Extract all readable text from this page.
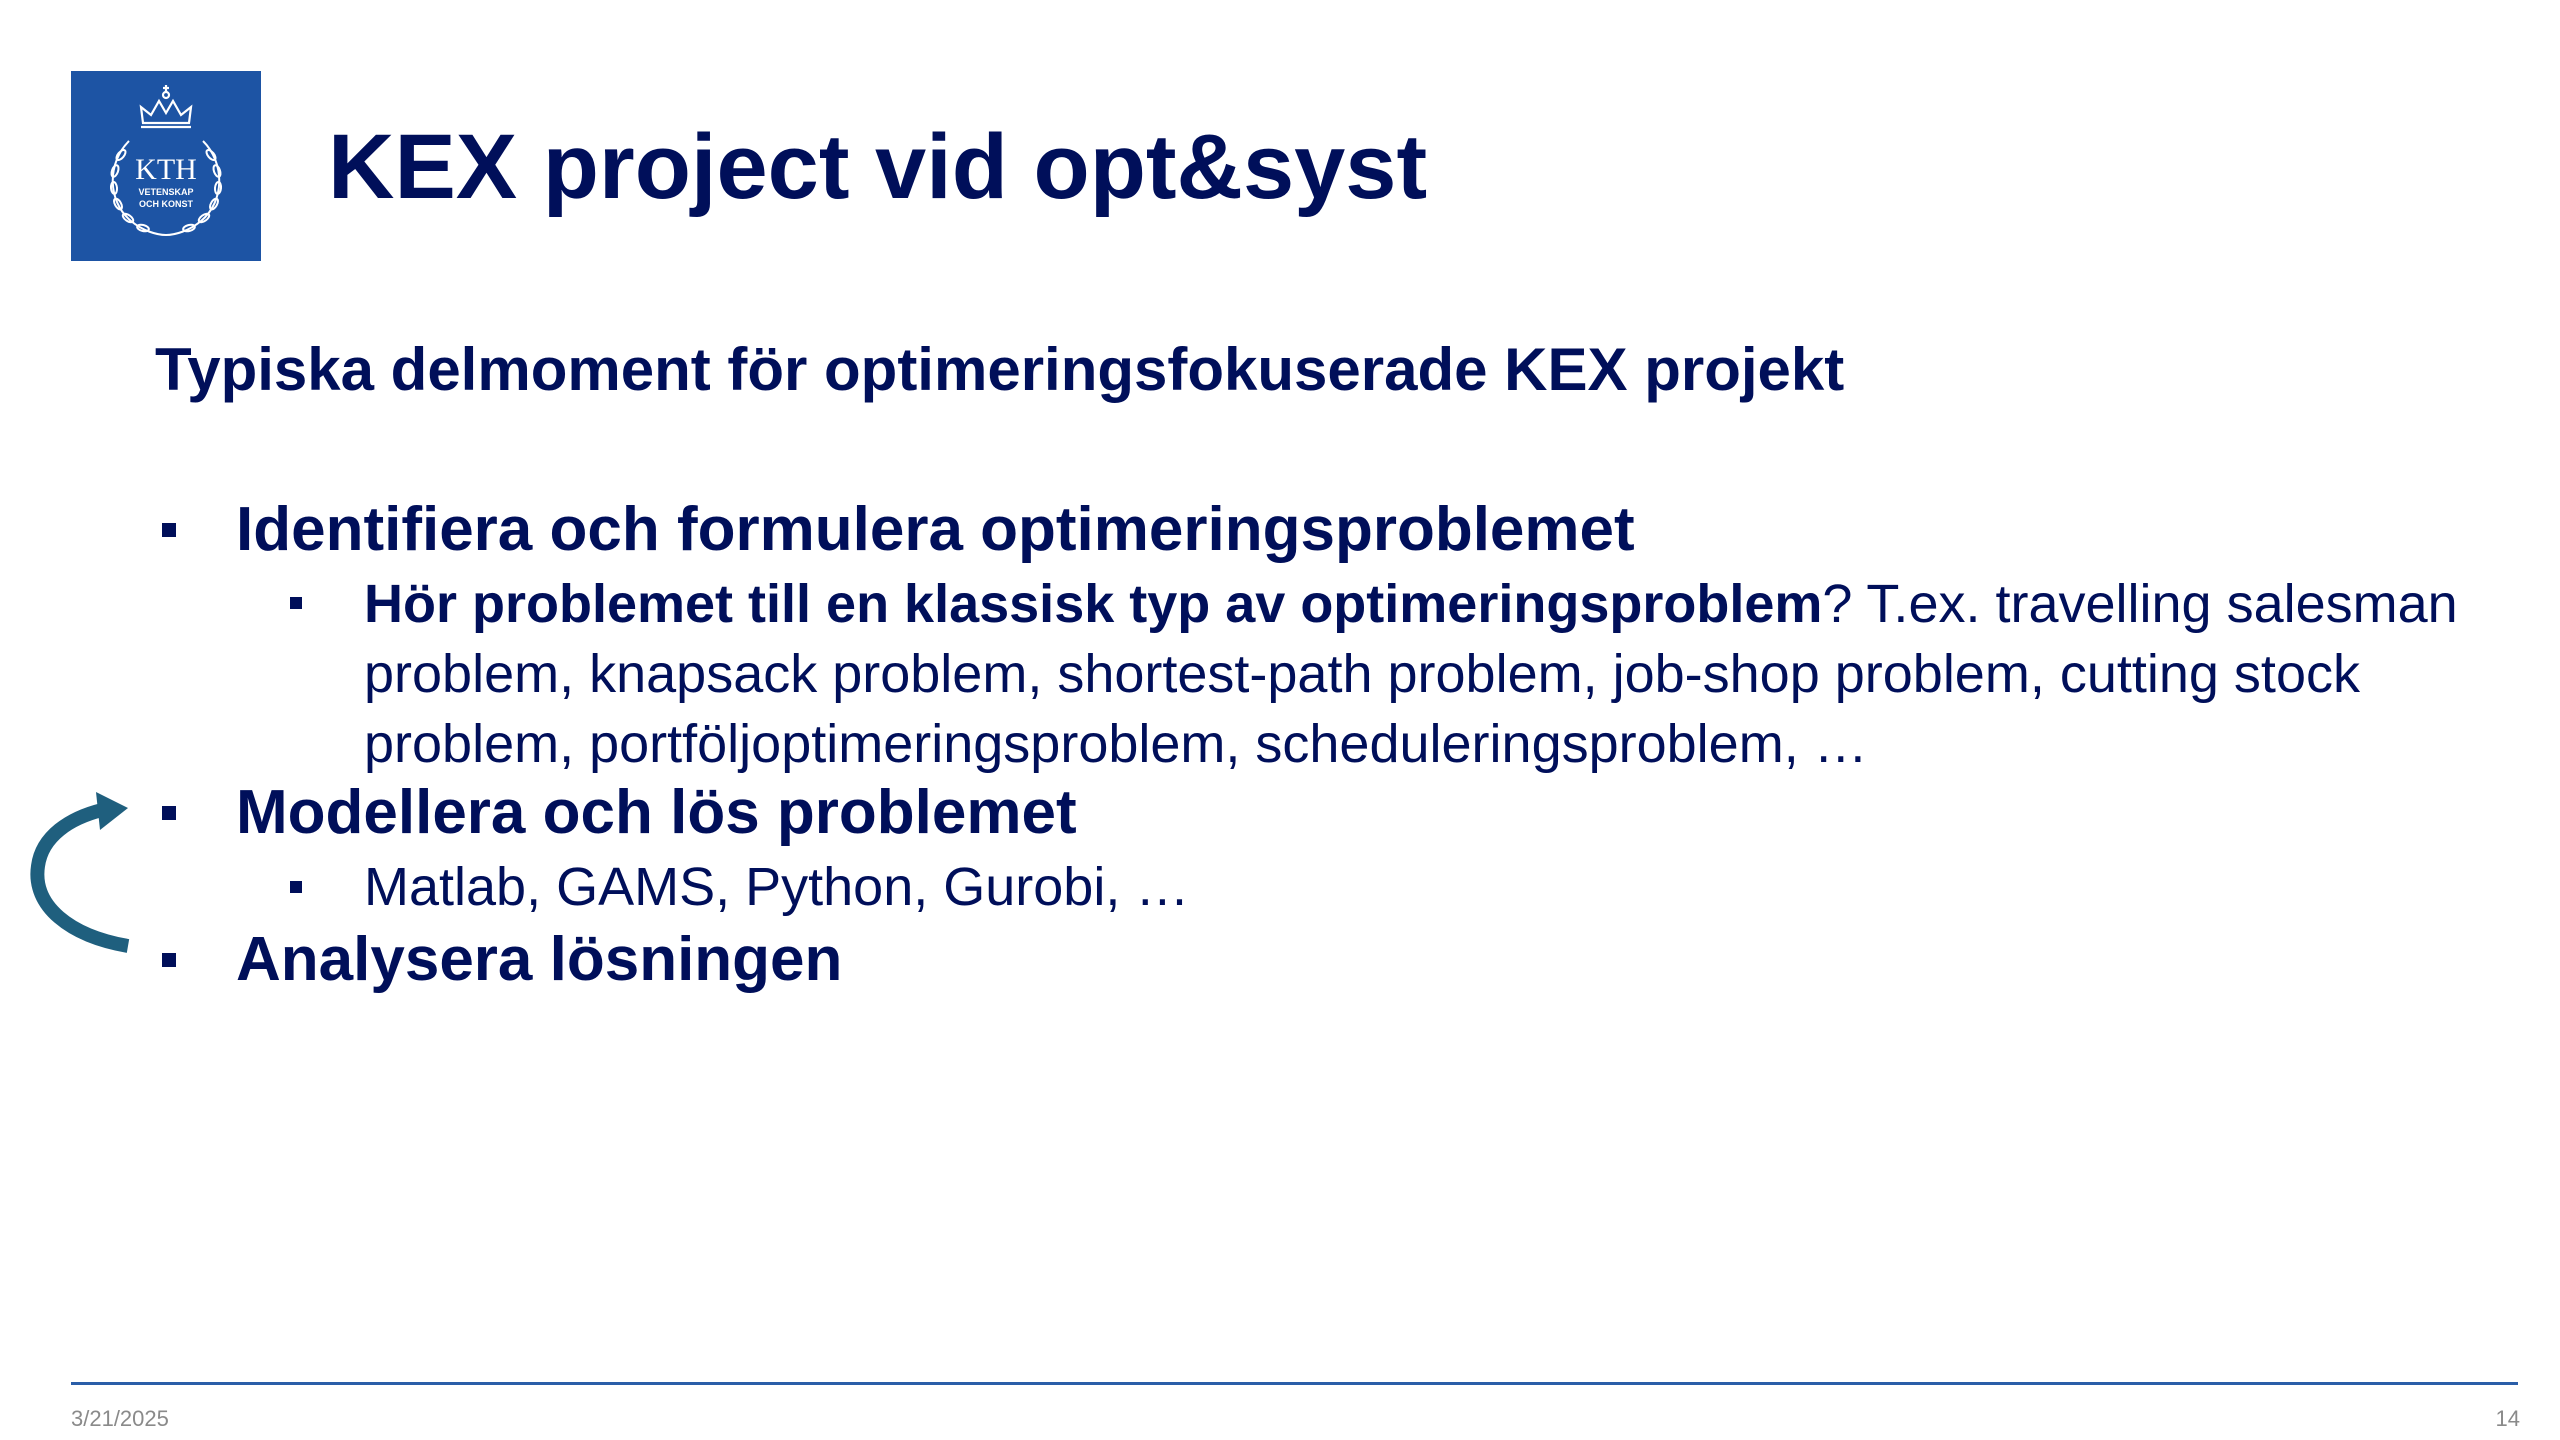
KTH
VETENSKAP
OCH KONST KEX project vid opt&syst
Typiska delmoment för optimeringsfokuserade KEX projekt
Identifiera och formulera optimeringsproblemet
Hör problemet till en klassisk typ av optimeringsproblem? T.ex. travelling salesman problem, knapsack problem, shortest-path problem, job-shop problem, cutting stock problem, portföljoptimeringsproblem, scheduleringsproblem, …
Modellera och lös problemet
Matlab, GAMS, Python, Gurobi, …
Analysera lösningen
3/21/2025	14
